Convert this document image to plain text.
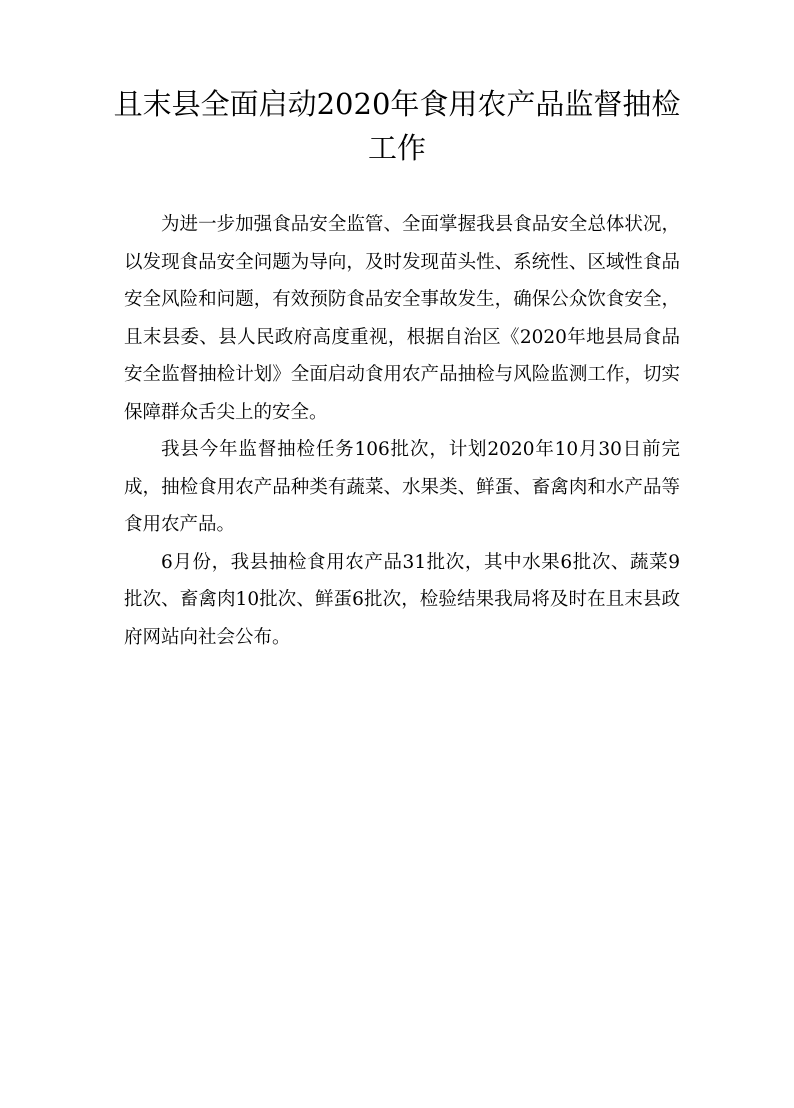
且末县全面启动2020年食用农产品监督抽检工作

为进一步加强食品安全监管、全面掌握我县食品安全总体状况，以发现食品安全问题为导向，及时发现苗头性、系统性、区域性食品安全风险和问题，有效预防食品安全事故发生，确保公众饮食安全，且末县委、县人民政府高度重视，根据自治区《2020年地县局食品安全监督抽检计划》全面启动食用农产品抽检与风险监测工作，切实保障群众舌尖上的安全。

我县今年监督抽检任务106批次，计划2020年10月30日前完成，抽检食用农产品种类有蔬菜、水果类、鲜蛋、畜禽肉和水产品等食用农产品。

6月份，我县抽检食用农产品31批次，其中水果6批次、蔬菜9批次、畜禽肉10批次、鲜蛋6批次，检验结果我局将及时在且末县政府网站向社会公布。
